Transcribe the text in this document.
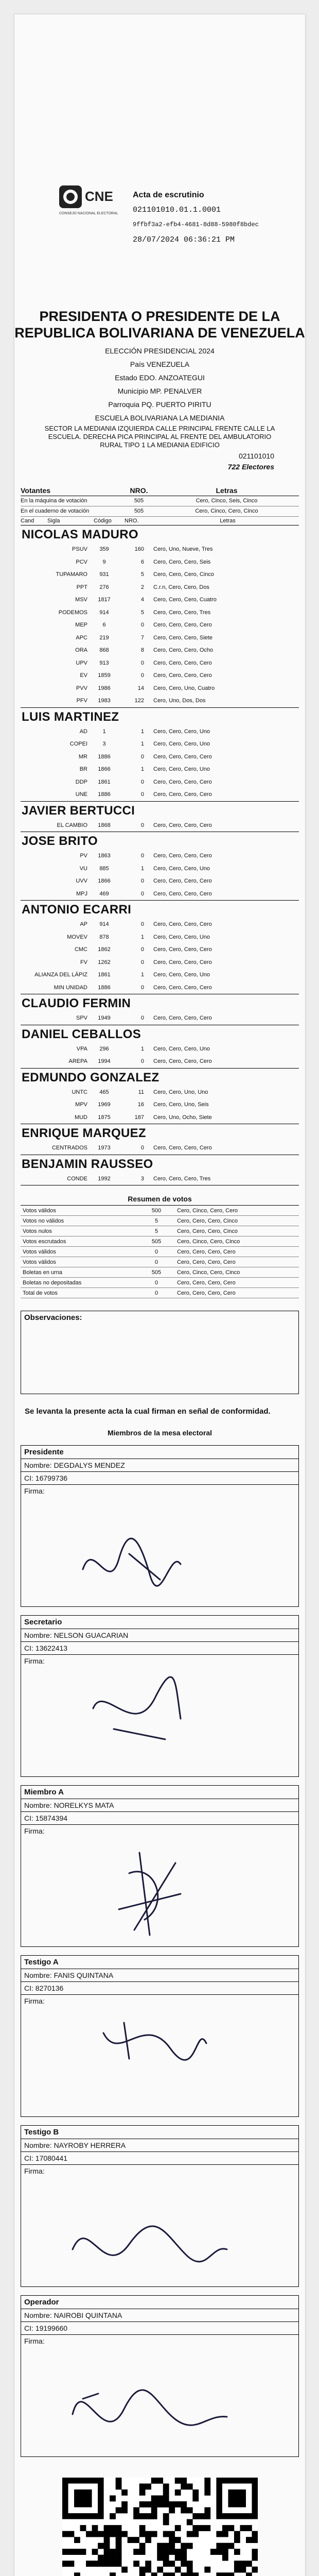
CNE
CONSEJO NACIONAL ELECTORAL
Acta de escrutinio
021101010.01.1.0001
9ffbf3a2-efb4-4681-8d88-5980f8bdec
28/07/2024 06:36:21 PM
PRESIDENTA O PRESIDENTE DE LA REPUBLICA BOLIVARIANA DE VENEZUELA
ELECCIÓN PRESIDENCIAL 2024
País VENEZUELA
Estado EDO. ANZOATEGUI
Municipio MP. PENALVER
Parroquia PQ. PUERTO PIRITU
ESCUELA BOLIVARIANA LA MEDIANIA
SECTOR LA MEDIANIA IZQUIERDA CALLE PRINCIPAL FRENTE CALLE LA ESCUELA. DERECHA PICA PRINCIPAL AL FRENTE DEL AMBULATORIO RURAL TIPO 1 LA MEDIANIA EDIFICIO
021101010
722 Electores
Votantes	NRO.	Letras
En la máquina de votación	505	Cero, Cinco, Seis, Cinco
En el cuaderno de votación	505	Cero, Cinco, Cero, Cinco
Cand	Sigla	Código	NRO.	Letras
NICOLAS MADURO
PSUV	359	160	Cero, Uno, Nueve, Tres
PCV	9	6	Cero, Cero, Cero, Seis
TUPAMARO	931	5	Cero, Cero, Cero, Cinco
PPT	276	2	C.r.n, Cero, Cero, Dos
MSV	1817	4	Cero, Cero, Cero, Cuatro
PODEMOS	914	5	Cero, Cero, Cero, Tres
MEP	6	0	Cero, Cero, Cero, Cero
APC	219	7	Cero, Cero, Cero, Siete
ORA	868	8	Cero, Cero, Cero, Ocho
UPV	913	0	Cero, Cero, Cero, Cero
EV	1859	0	Cero, Cero, Cero, Cero
PVV	1986	14	Cero, Cero, Uno, Cuatro
PFV	1983	122	Cero, Uno, Dos, Dos
LUIS MARTINEZ
AD	1	1	Cero, Cero, Cero, Uno
COPEI	3	1	Cero, Cero, Cero, Uno
MR	1886	0	Cero, Cero, Cero, Cero
BR	1866	1	Cero, Cero, Cero, Uno
DDP	1861	0	Cero, Cero, Cero, Cero
UNE	1886	0	Cero, Cero, Cero, Cero
JAVIER BERTUCCI
EL CAMBIO	1868	0	Cero, Cero, Cero, Cero
JOSE BRITO
PV	1863	0	Cero, Cero, Cero, Cero
VU	885	1	Cero, Cero, Cero, Uno
UVV	1866	0	Cero, Cero, Cero, Cero
MPJ	469	0	Cero, Cero, Cero, Cero
ANTONIO ECARRI
AP	914	0	Cero, Cero, Cero, Cero
MOVEV	878	1	Cero, Cero, Cero, Uno
CMC	1862	0	Cero, Cero, Cero, Cero
FV	1262	0	Cero, Cero, Cero, Cero
ALIANZA DEL LÁPIZ	1861	1	Cero, Cero, Cero, Uno
MIN UNIDAD	1886	0	Cero, Cero, Cero, Cero
CLAUDIO FERMIN
SPV	1949	0	Cero, Cero, Cero, Cero
DANIEL CEBALLOS
VPA	296	1	Cero, Cero, Cero, Uno
AREPA	1994	0	Cero, Cero, Cero, Cero
EDMUNDO GONZALEZ
UNTC	465	11	Cero, Cero, Uno, Uno
MPV	1969	16	Cero, Cero, Uno, Seis
MUD	1875	187	Cero, Uno, Ocho, Siete
ENRIQUE MARQUEZ
CENTRADOS	1973	0	Cero, Cero, Cero, Cero
BENJAMIN RAUSSEO
CONDE	1992	3	Cero, Cero, Cero, Tres
Resumen de votos
Votos válidos	500	Cero, Cinco, Cero, Cero
Votos no válidos	5	Cero, Cero, Cero, Cinco
Votos nulos	5	Cero, Cero, Cero, Cinco
Votos escrutados	505	Cero, Cinco, Cero, Cinco
Votos válidos	0	Cero, Cero, Cero, Cero
Votos válidos	0	Cero, Cero, Cero, Cero
Boletas en urna	505	Cero, Cinco, Cero, Cinco
Boletas no depositadas	0	Cero, Cero, Cero, Cero
Total de votos	0	Cero, Cero, Cero, Cero
Observaciones:
Se levanta la presente acta la cual firman en señal de conformidad.
Miembros de la mesa electoral
Presidente
Nombre: DEGDALYS MENDEZ
CI: 16799736
Firma:
Secretario
Nombre: NELSON GUACARIAN
CI: 13622413
Firma:
Miembro A
Nombre: NORELKYS MATA
CI: 15874394
Firma:
Testigo A
Nombre: FANIS QUINTANA
CI: 8270136
Firma:
Testigo B
Nombre: NAYROBY HERRERA
CI: 17080441
Firma:
Operador
Nombre: NAIROBI QUINTANA
CI: 19199660
Firma:
